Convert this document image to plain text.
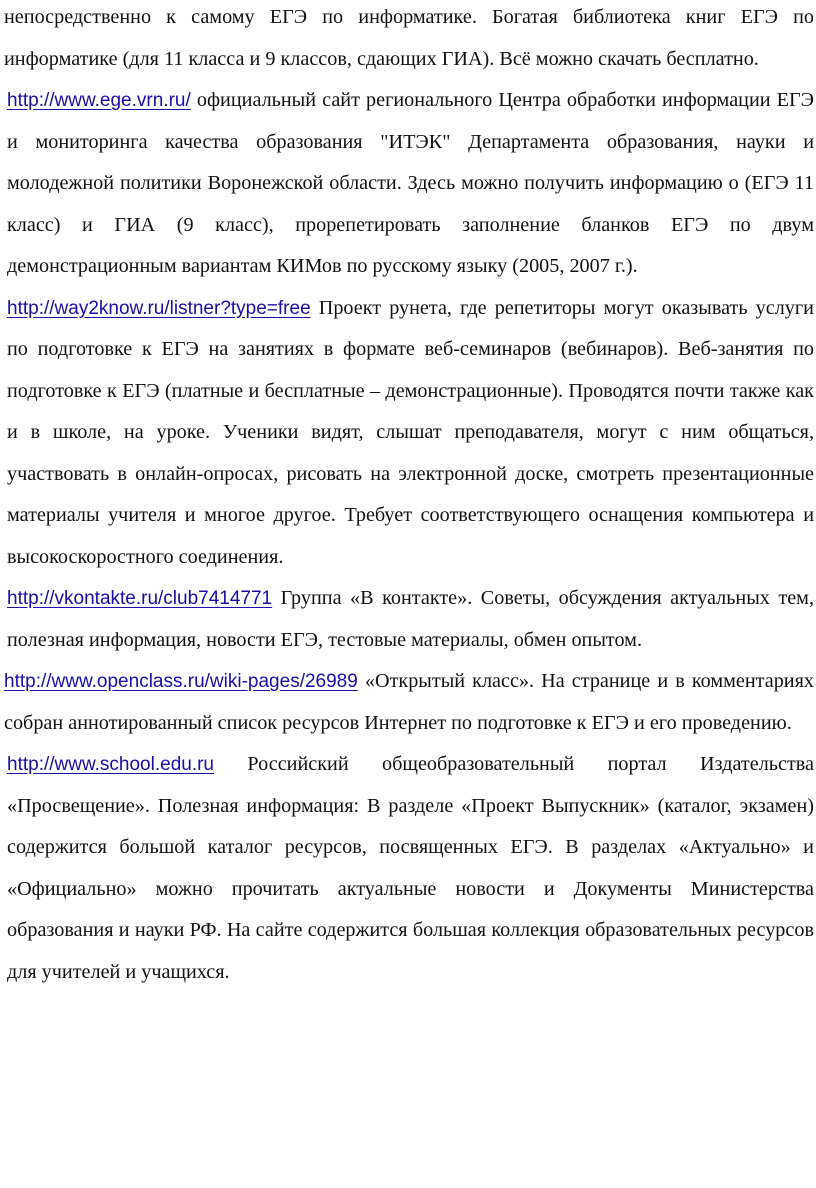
непосредственно к самому ЕГЭ по информатике. Богатая библиотека книг ЕГЭ по информатике (для 11 класса и 9 классов, сдающих ГИА). Всё можно скачать бесплатно.

http://www.ege.vrn.ru/ официальный сайт регионального Центра обработки информации ЕГЭ и мониторинга качества образования "ИТЭК" Департамента образования, науки и молодежной политики Воронежской области. Здесь можно получить информацию о (ЕГЭ 11 класс) и ГИА (9 класс), прорепетировать заполнение бланков ЕГЭ по двум демонстрационным вариантам КИМов по русскому языку (2005, 2007 г.).

http://way2know.ru/listner?type=free Проект рунета, где репетиторы могут оказывать услуги по подготовке к ЕГЭ на занятиях в формате веб-семинаров (вебинаров). Веб-занятия по подготовке к ЕГЭ (платные и бесплатные – демонстрационные). Проводятся почти также как и в школе, на уроке. Ученики видят, слышат преподавателя, могут с ним общаться, участвовать в онлайн-опросах, рисовать на электронной доске, смотреть презентационные материалы учителя и многое другое. Требует соответствующего оснащения компьютера и высокоскоростного соединения.

http://vkontakte.ru/club7414771 Группа «В контакте». Советы, обсуждения актуальных тем, полезная информация, новости ЕГЭ, тестовые материалы, обмен опытом.

http://www.openclass.ru/wiki-pages/26989 «Открытый класс». На странице и в комментариях собран аннотированный список ресурсов Интернет по подготовке к ЕГЭ и его проведению.

http://www.school.edu.ru Российский общеобразовательный портал Издательства «Просвещение». Полезная информация: В разделе «Проект Выпускник» (каталог, экзамен) содержится большой каталог ресурсов, посвященных ЕГЭ. В разделах «Актуально» и «Официально» можно прочитать актуальные новости и Документы Министерства образования и науки РФ. На сайте содержится большая коллекция образовательных ресурсов для учителей и учащихся.
